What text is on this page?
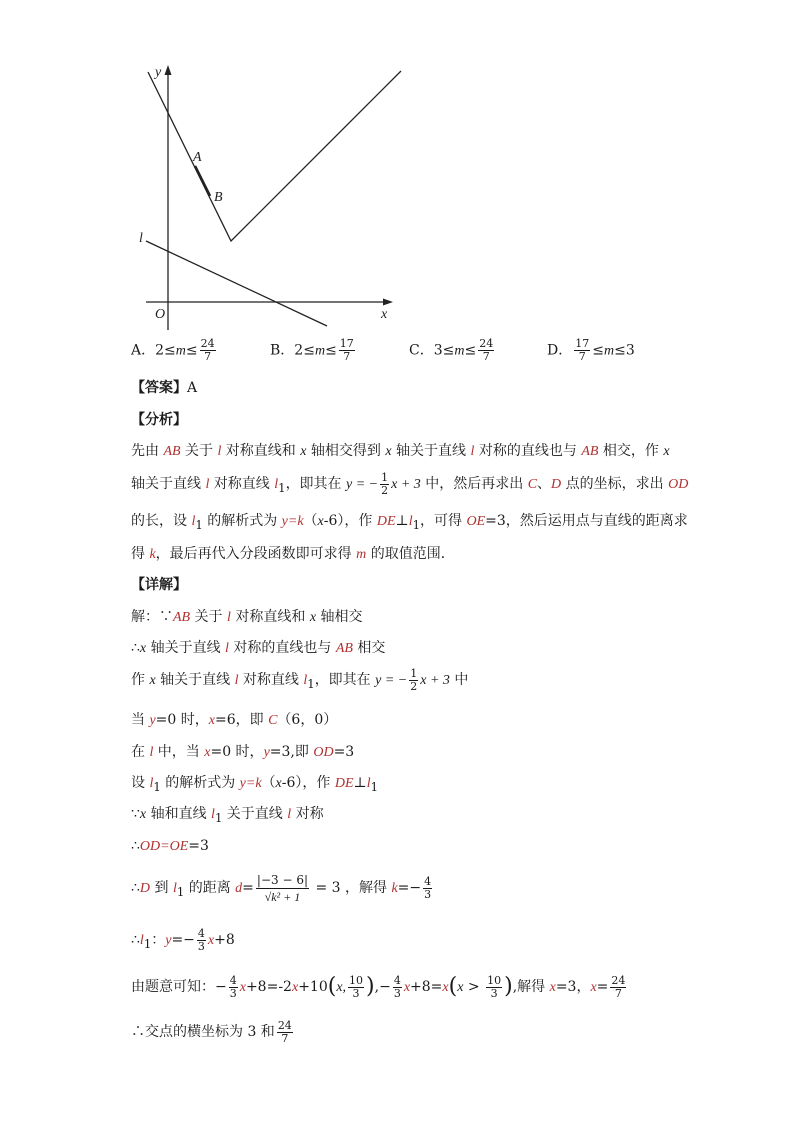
y
A
B
l
O	x
A．$2\le m\le \frac{24}{7}$	B．$2\le m\le \frac{17}{7}$	C．$3\le m\le \frac{24}{7}$	D． $\frac{17}{7} \le m\le 3$
【答案】A
【分析】
先由 AB 关于 l 对称直线和 x 轴相交得到 x 轴关于直线 l 对称的直线也与 AB 相交，作 x
轴关于直线 l 对称直线 $l_1$，即其在 y = − $\frac{1}{2}$ x + 3 中，然后再求出 C、D 点的坐标，求出 OD
的长，设 $l_1$ 的解析式为 y=k（x-6），作 $DE\perp l_1$，可得 OE=3，然后运用点与直线的距离求
得 k，最后再代入分段函数即可求得 m 的取值范围．
【详解】
解：∵AB 关于 l 对称直线和 x 轴相交
∴x 轴关于直线 l 对称的直线也与 AB 相交
作 x 轴关于直线 l 对称直线 $l_1$，即其在 y = − $\frac{1}{2}$ x + 3 中
当 y=0 时，x=6，即 C（6，0）
在 l 中，当 x=0 时，y=3,即 OD=3
设 $l_1$ 的解析式为 y=k（x-6），作 $DE\perp l_1$
∵x 轴和直线 $l_1$ 关于直线 l 对称
∴OD=OE=3
∴D 到 $l_1$ 的距离 $d= \frac{|-3 - 6|}{\text{√k² + 1}} = 3$ ，解得 $k=- \frac{4}{3}$
$\therefore l_1$：$y=- \frac{4}{3} x+8$
由题意可知：− $\frac{4}{3} x+8=-2x+10(x$, $\frac{10}{3}$ ),− $\frac{4}{3} x+8=x(x > \frac{10}{3}$ ),解得 x=3，$x= \frac{24}{7}$
∴交点的横坐标为 3 和 $\frac{24}{7}$
